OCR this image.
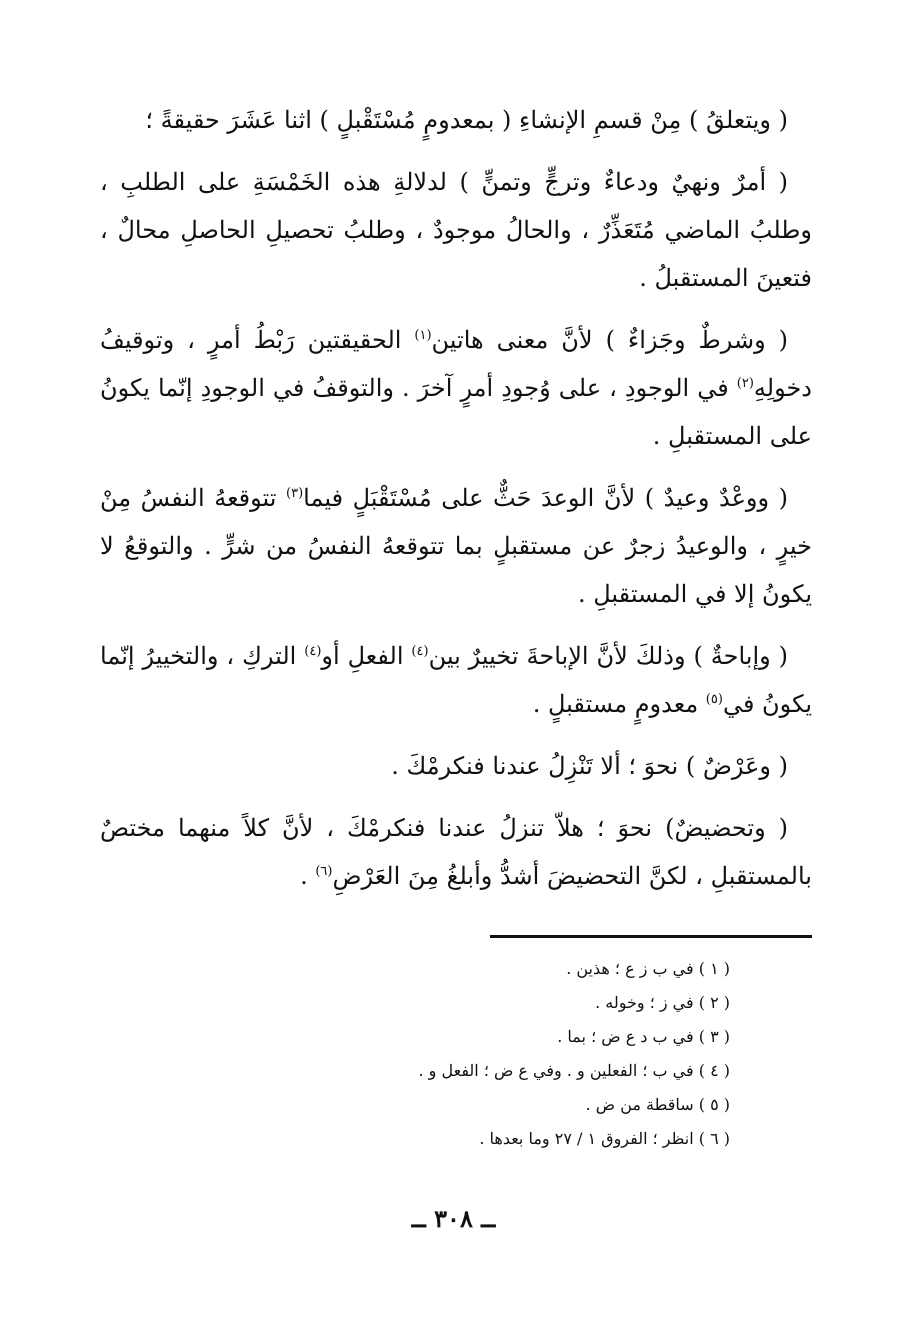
( ويتعلقُ ) مِنْ قسمِ الإنشاءِ ( بمعدومٍ مُسْتَقْبلٍ ) اثنا عَشَرَ حقيقةً ؛

( أمرٌ ونهيٌ ودعاءٌ وترجٍّ وتمنٍّ ) لدلالةِ هذه الخَمْسَةِ على الطلبِ ، وطلبُ الماضي مُتَعَذِّرٌ ، والحالُ موجودٌ ، وطلبُ تحصيلِ الحاصلِ محالٌ ، فتعينَ المستقبلُ .

( وشرطٌ وجَزاءٌ ) لأنَّ معنى هاتين$^{(١)}$ الحقيقتين رَبْطُ أمرٍ ، وتوقيفُ دخولِهِ$^{(٢)}$ في الوجودِ ، على وُجودِ أمرٍ آخرَ . والتوقفُ في الوجودِ إنّما يكونُ على المستقبلِ .

( ووعْدٌ وعيدٌ ) لأنَّ الوعدَ حَثٌّ على مُسْتَقْبَلٍ فيما$^{(٣)}$ تتوقعهُ النفسُ مِنْ خيرٍ ، والوعيدُ زجرٌ عن مستقبلٍ بما تتوقعهُ النفسُ من شرٍّ . والتوقعُ لا يكونُ إلا في المستقبلِ .

( وإباحةٌ ) وذلكَ لأنَّ الإباحةَ تخييرٌ بين$^{(٤)}$ الفعلِ أو$^{(٤)}$ التركِ ، والتخييرُ إنّما يكونُ في$^{(٥)}$ معدومٍ مستقبلٍ .

( وعَرْضٌ ) نحوَ ؛ ألا تَنْزِلُ عندنا فنكرمْكَ .

( وتحضيضٌ) نحوَ ؛ هلاّ تنزلُ عندنا فنكرمْكَ ، لأنَّ كلاً منهما مختصٌ بالمستقبلِ ، لكنَّ التحضيضَ أشدُّ وأبلغُ مِنَ العَرْضِ$^{(٦)}$ .

( ١ ) في ب ز ع ؛ هذين .
( ٢ ) في ز ؛ وخوله .
( ٣ ) في ب د ع ض ؛ بما .
( ٤ ) في ب ؛ الفعلين و . وفي ع ض ؛ الفعل و .
( ٥ ) ساقطة من ض .
( ٦ ) انظر ؛ الفروق ١ / ٢٧ وما بعدها .
ــ ٣٠٨ ــ
